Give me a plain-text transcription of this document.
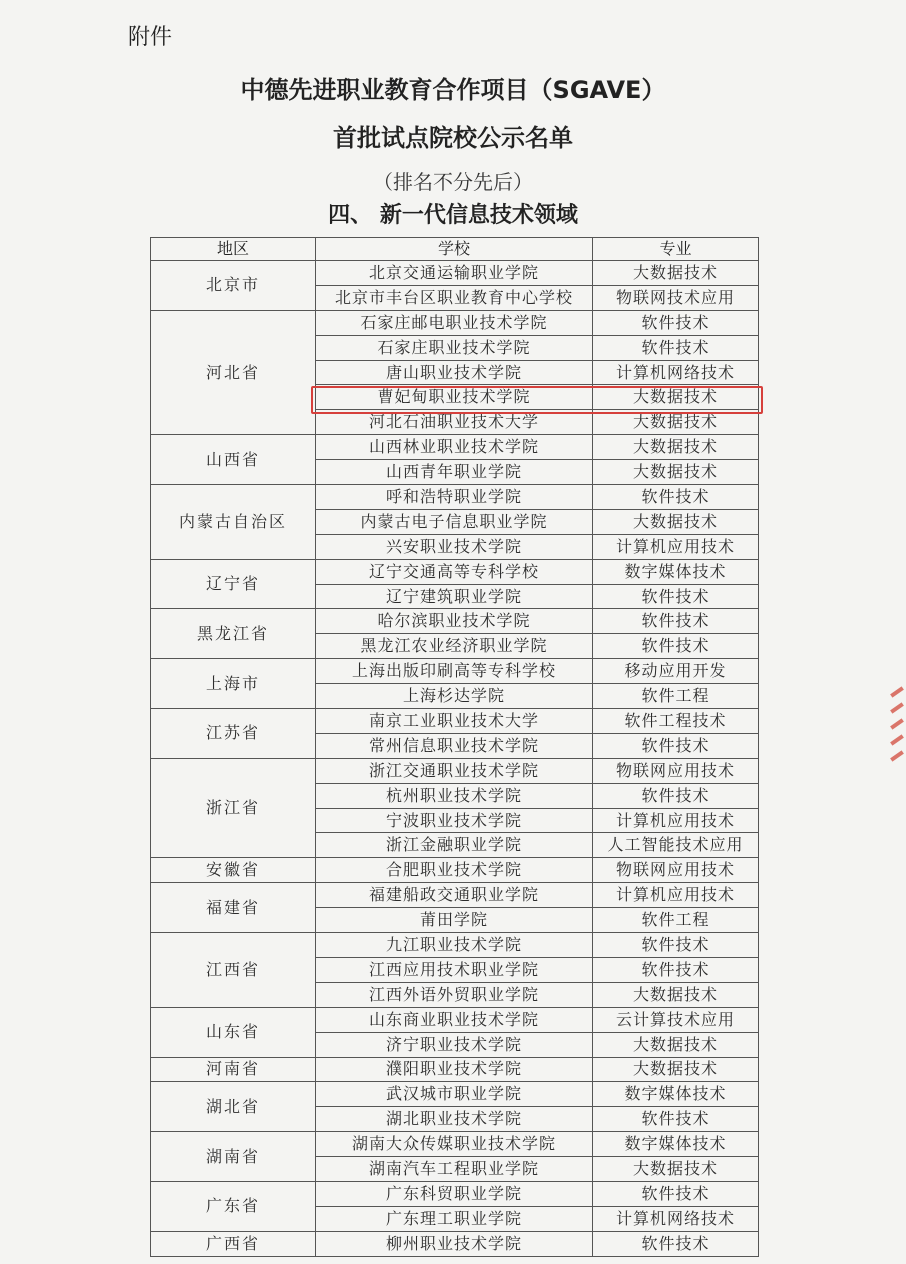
附件
中德先进职业教育合作项目（SGAVE）
首批试点院校公示名单
（排名不分先后）
四、 新一代信息技术领域
地区	学校	专业
北京市	北京交通运输职业学院	大数据技术
	北京市丰台区职业教育中心学校	物联网技术应用
河北省	石家庄邮电职业技术学院	软件技术
	石家庄职业技术学院	软件技术
	唐山职业技术学院	计算机网络技术
	曹妃甸职业技术学院	大数据技术
	河北石油职业技术大学	大数据技术
山西省	山西林业职业技术学院	大数据技术
	山西青年职业学院	大数据技术
内蒙古自治区	呼和浩特职业学院	软件技术
	内蒙古电子信息职业学院	大数据技术
	兴安职业技术学院	计算机应用技术
辽宁省	辽宁交通高等专科学校	数字媒体技术
	辽宁建筑职业学院	软件技术
黑龙江省	哈尔滨职业技术学院	软件技术
	黑龙江农业经济职业学院	软件技术
上海市	上海出版印刷高等专科学校	移动应用开发
	上海杉达学院	软件工程
江苏省	南京工业职业技术大学	软件工程技术
	常州信息职业技术学院	软件技术
浙江省	浙江交通职业技术学院	物联网应用技术
	杭州职业技术学院	软件技术
	宁波职业技术学院	计算机应用技术
	浙江金融职业学院	人工智能技术应用
安徽省	合肥职业技术学院	物联网应用技术
福建省	福建船政交通职业学院	计算机应用技术
	莆田学院	软件工程
江西省	九江职业技术学院	软件技术
	江西应用技术职业学院	软件技术
	江西外语外贸职业学院	大数据技术
山东省	山东商业职业技术学院	云计算技术应用
	济宁职业技术学院	大数据技术
河南省	濮阳职业技术学院	大数据技术
湖北省	武汉城市职业学院	数字媒体技术
	湖北职业技术学院	软件技术
湖南省	湖南大众传媒职业技术学院	数字媒体技术
	湖南汽车工程职业学院	大数据技术
广东省	广东科贸职业学院	软件技术
	广东理工职业学院	计算机网络技术
广西省	柳州职业技术学院	软件技术
